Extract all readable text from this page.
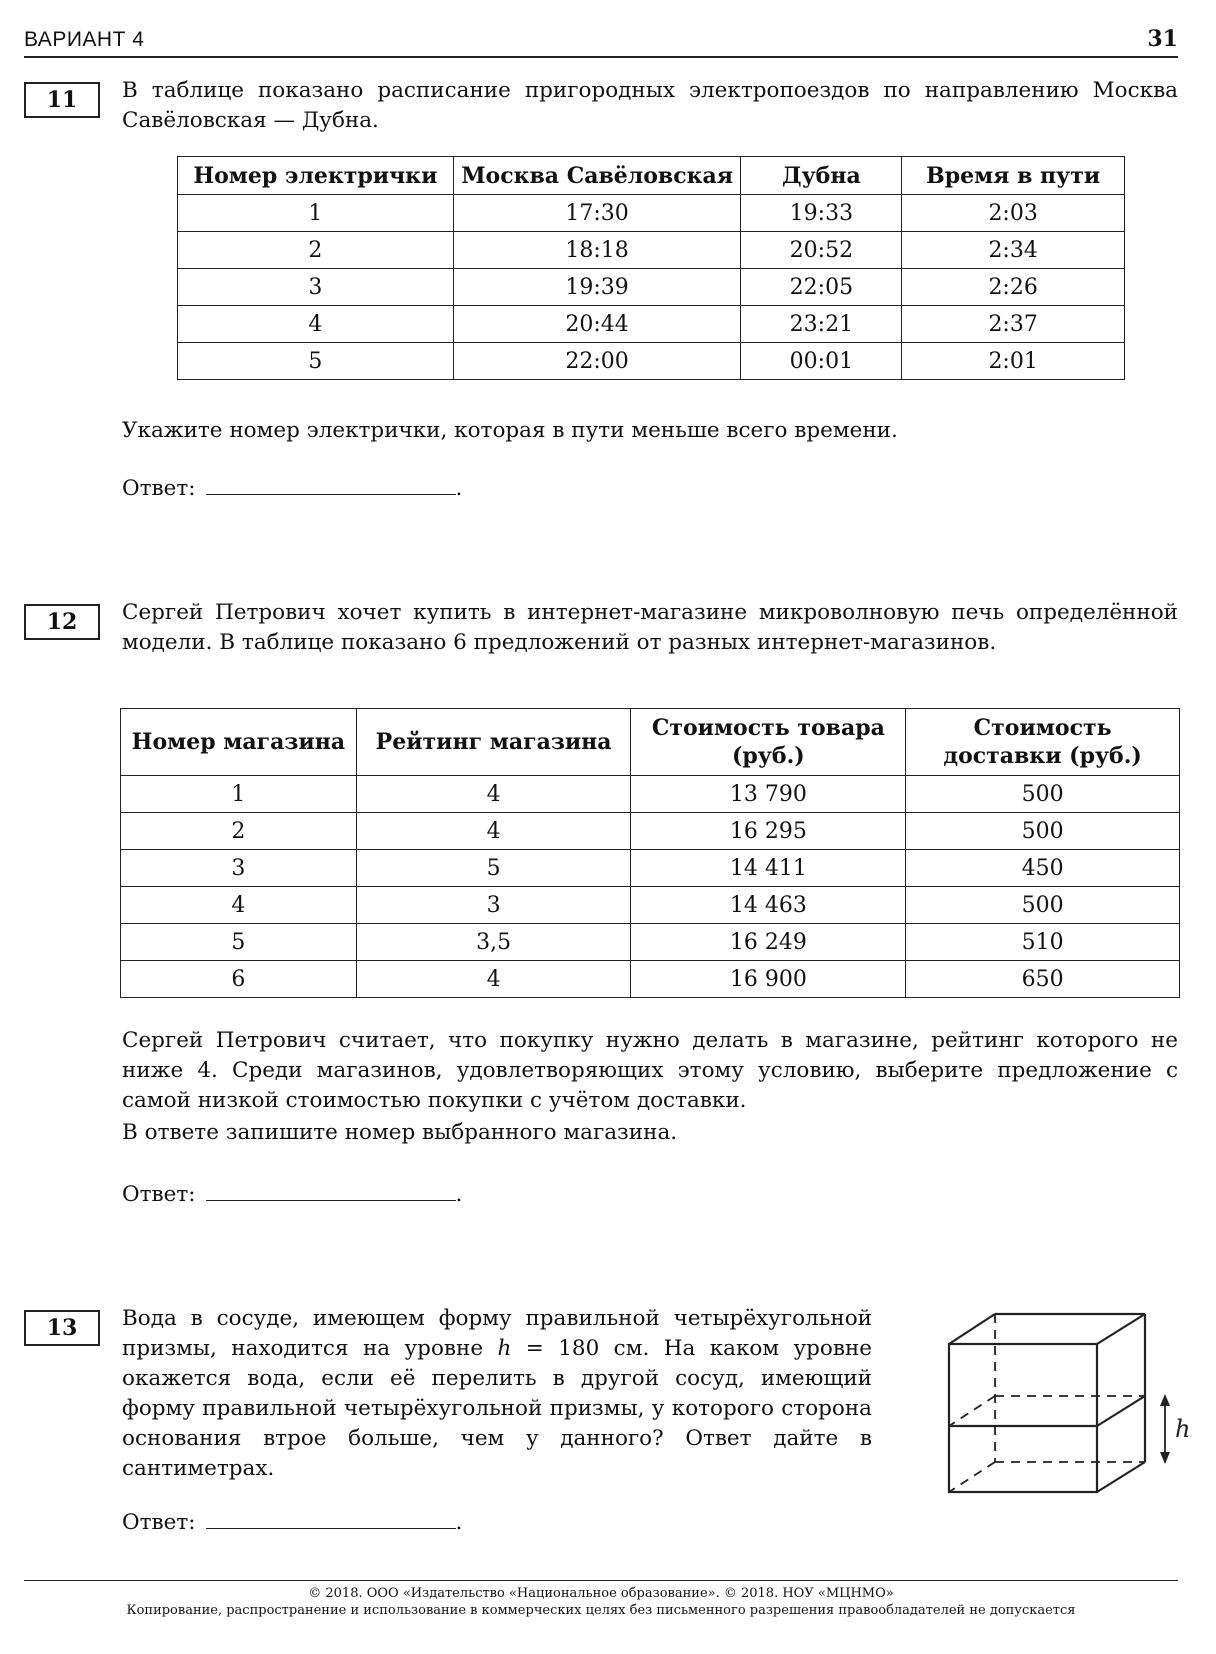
ВАРИАНТ 4	31
11	В таблице показано расписание пригородных электропоездов по направлению Москва Савёловская — Дубна.

Номер электрички	Москва Савёловская	Дубна	Время в пути
1	17:30	19:33	2:03
2	18:18	20:52	2:34
3	19:39	22:05	2:26
4	20:44	23:21	2:37
5	22:00	00:01	2:01

Укажите номер электрички, которая в пути меньше всего времени.

Ответ:	.
12	Сергей Петрович хочет купить в интернет-магазине микроволновую печь определённой модели. В таблице показано 6 предложений от разных интернет-магазинов.

Номер магазина	Рейтинг магазина	Стоимость товара (руб.)	Стоимость доставки (руб.)
1	4	13 790	500
2	4	16 295	500
3	5	14 411	450
4	3	14 463	500
5	3,5	16 249	510
6	4	16 900	650

Сергей Петрович считает, что покупку нужно делать в магазине, рейтинг которого не ниже 4. Среди магазинов, удовлетворяющих этому условию, выберите предложение с самой низкой стоимостью покупки с учётом доставки.

В ответе запишите номер выбранного магазина.

Ответ:	.
13	Вода в сосуде, имеющем форму правильной четырёхугольной призмы, находится на уровне h = 180 см. На каком уровне окажется вода, если её перелить в другой сосуд, имеющий форму правильной четырёхугольной призмы, у которого сторона основания втрое больше, чем у данного? Ответ дайте в сантиметрах.

h
Ответ:	.
© 2018. ООО «Издательство «Национальное образование». © 2018. НОУ «МЦНМО»
Копирование, распространение и использование в коммерческих целях без письменного разрешения правообладателей не допускается
